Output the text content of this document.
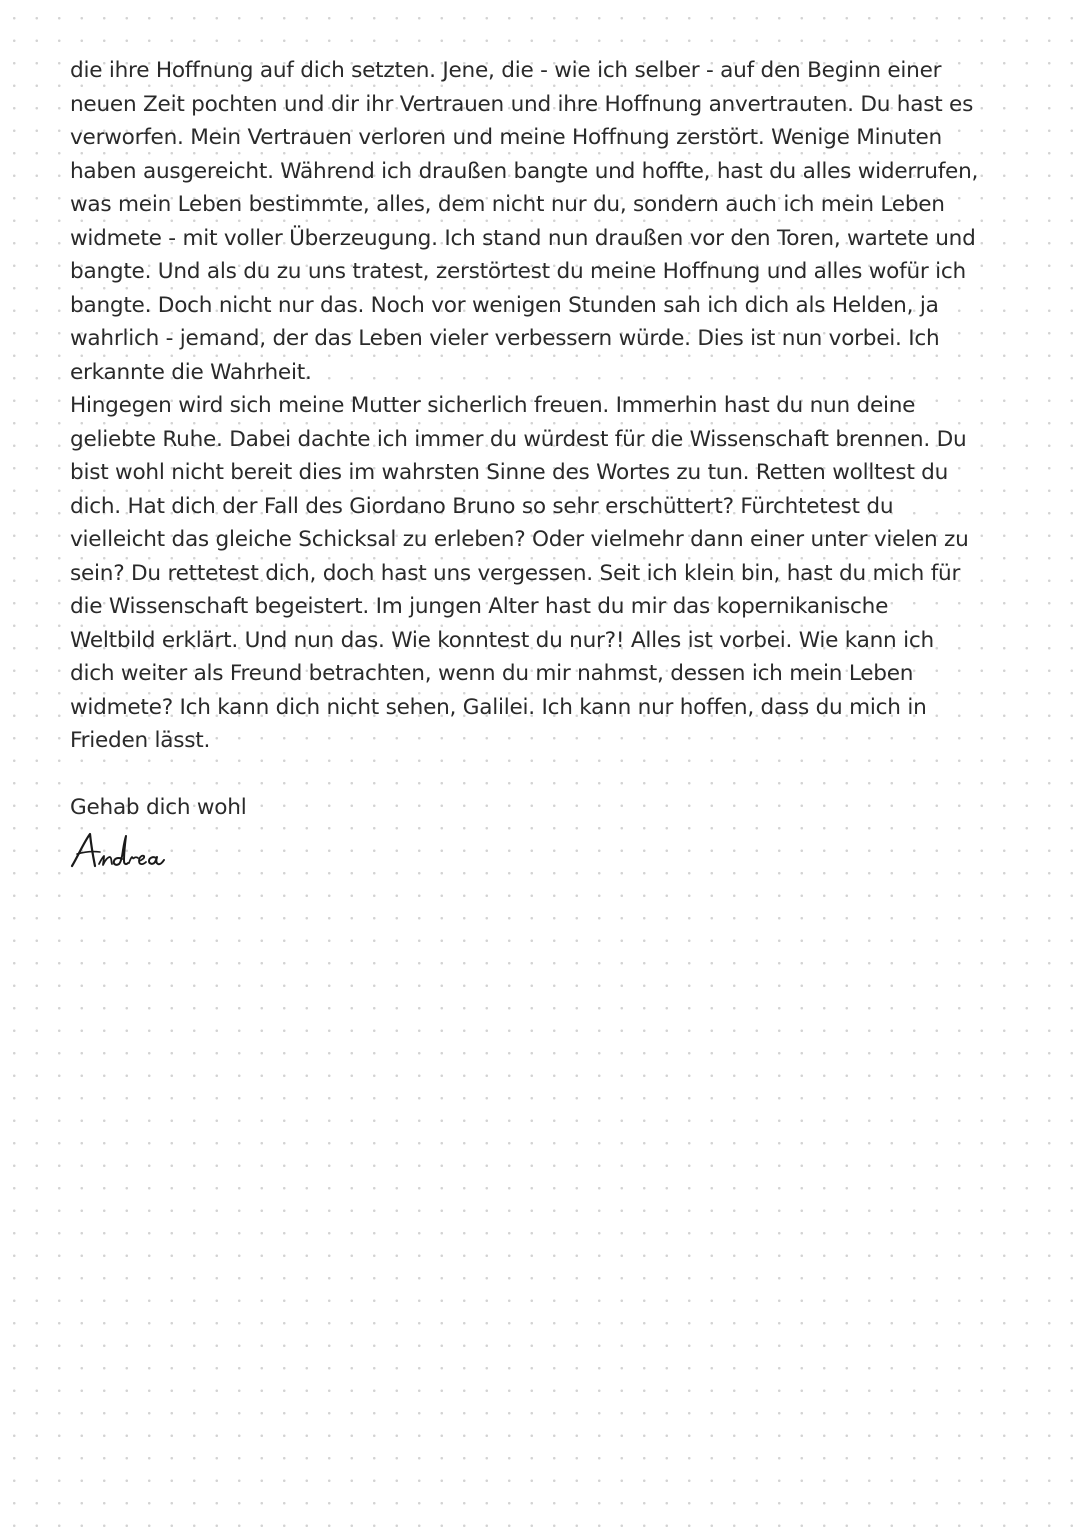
die ihre Hoffnung auf dich setzten. Jene, die - wie ich selber - auf den Beginn einer
neuen Zeit pochten und dir ihr Vertrauen und ihre Hoffnung anvertrauten. Du hast es
verworfen. Mein Vertrauen verloren und meine Hoffnung zerstört. Wenige Minuten
haben ausgereicht. Während ich draußen bangte und hoffte, hast du alles widerrufen,
was mein Leben bestimmte, alles, dem nicht nur du, sondern auch ich mein Leben
widmete - mit voller Überzeugung. Ich stand nun draußen vor den Toren, wartete und
bangte. Und als du zu uns tratest, zerstörtest du meine Hoffnung und alles wofür ich
bangte. Doch nicht nur das. Noch vor wenigen Stunden sah ich dich als Helden, ja
wahrlich - jemand, der das Leben vieler verbessern würde. Dies ist nun vorbei. Ich
erkannte die Wahrheit.
Hingegen wird sich meine Mutter sicherlich freuen. Immerhin hast du nun deine
geliebte Ruhe. Dabei dachte ich immer du würdest für die Wissenschaft brennen. Du
bist wohl nicht bereit dies im wahrsten Sinne des Wortes zu tun. Retten wolltest du
dich. Hat dich der Fall des Giordano Bruno so sehr erschüttert? Fürchtetest du
vielleicht das gleiche Schicksal zu erleben? Oder vielmehr dann einer unter vielen zu
sein? Du rettetest dich, doch hast uns vergessen. Seit ich klein bin, hast du mich für
die Wissenschaft begeistert. Im jungen Alter hast du mir das kopernikanische
Weltbild erklärt. Und nun das. Wie konntest du nur?! Alles ist vorbei. Wie kann ich
dich weiter als Freund betrachten, wenn du mir nahmst, dessen ich mein Leben
widmete? Ich kann dich nicht sehen, Galilei. Ich kann nur hoffen, dass du mich in
Frieden lässt.
Gehab dich wohl
Andrea
